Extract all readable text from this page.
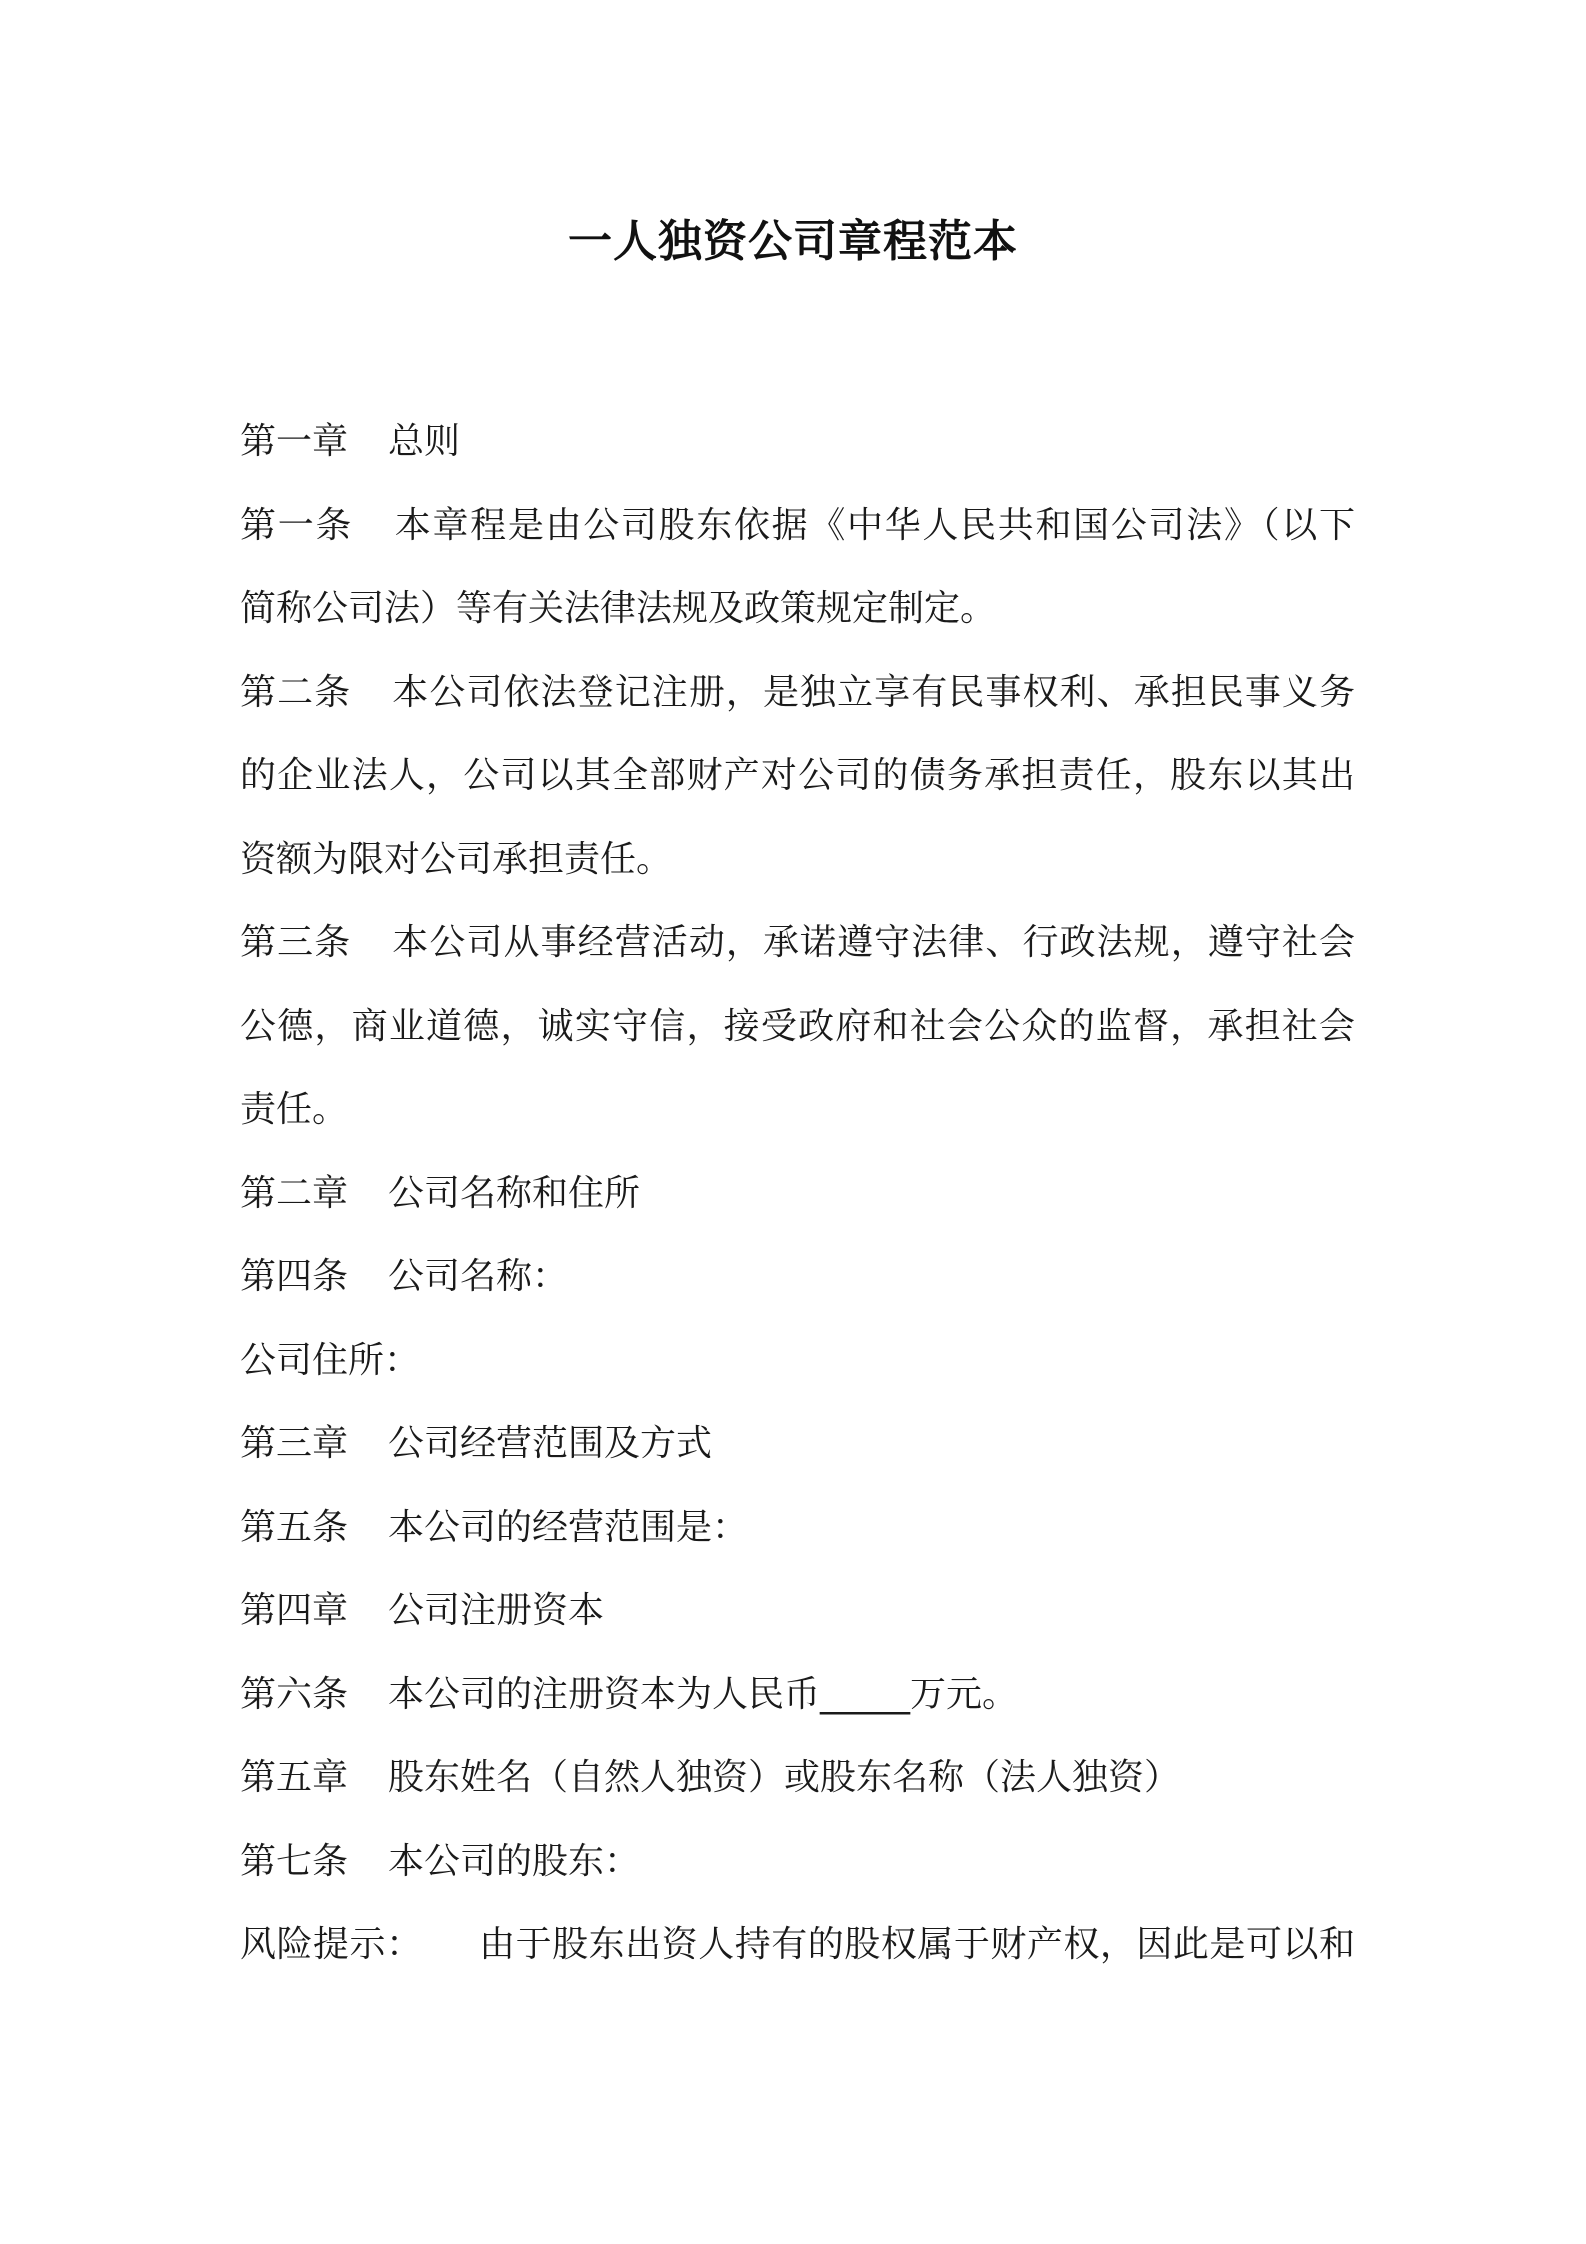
一人独资公司章程范本
第一章 总则
第一条 本章程是由公司股东依据《中华人民共和国公司法》（以下
简称公司法）等有关法律法规及政策规定制定。
第二条 本公司依法登记注册，是独立享有民事权利、承担民事义务
的企业法人，公司以其全部财产对公司的债务承担责任，股东以其出
资额为限对公司承担责任。
第三条 本公司从事经营活动，承诺遵守法律、行政法规，遵守社会
公德，商业道德，诚实守信，接受政府和社会公众的监督，承担社会
责任。
第二章 公司名称和住所
第四条 公司名称：
公司住所：
第三章 公司经营范围及方式
第五条 本公司的经营范围是：
第四章 公司注册资本
第六条 本公司的注册资本为人民币_____万元。
第五章 股东姓名（自然人独资）或股东名称（法人独资）
第七条 本公司的股东：
风险提示： 由于股东出资人持有的股权属于财产权，因此是可以和
